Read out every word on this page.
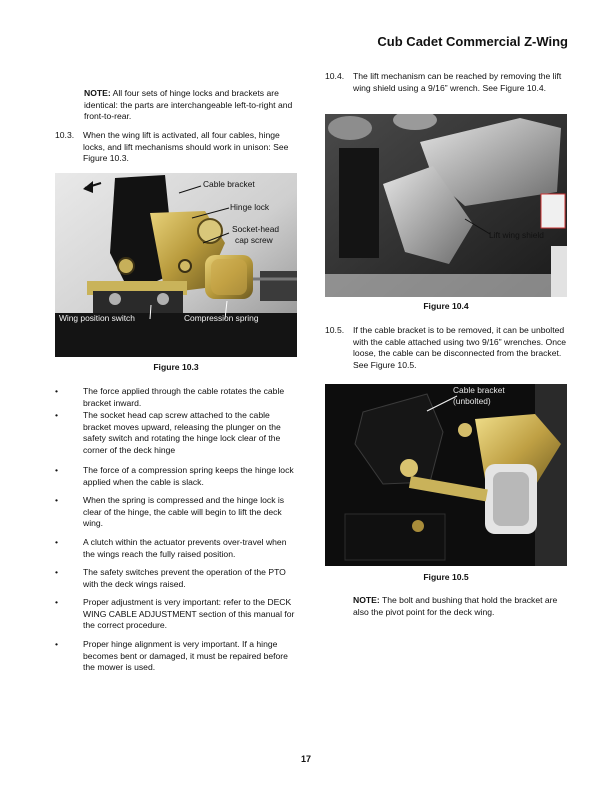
Cub Cadet Commercial Z-Wing
NOTE: All four sets of hinge locks and brackets are identical: the parts are interchangeable left-to-right and front-to-rear.
10.3. When the wing lift is activated, all four cables, hinge locks, and lift mechanisms should work in unison: See Figure 10.3.
Cable bracket
Hinge lock
Socket-head
cap screw
Wing position switch	Compression spring
Figure 10.3
•	The force applied through the cable rotates the cable bracket inward.
•	The socket head cap screw attached to the cable bracket moves upward, releasing the plunger on the safety switch and rotating the hinge lock clear of the corner of the deck hinge
•	The force of a compression spring keeps the hinge lock applied when the cable is slack.
•	When the spring is compressed and the hinge lock is clear of the hinge, the cable will begin to lift the deck wing.
•	A clutch within the actuator prevents over-travel when the wings reach the fully raised position.
•	The safety switches prevent the operation of the PTO with the deck wings raised.
•	Proper adjustment is very important: refer to the DECK WING CABLE ADJUSTMENT section of this manual for the correct procedure.
•	Proper hinge alignment is very important. If a hinge becomes bent or damaged, it must be repaired before the mower is used.
10.4. The lift mechanism can be reached by removing the lift wing shield using a 9/16” wrench. See Figure 10.4.
Lift wing shield
Figure 10.4
10.5. If the cable bracket is to be removed, it can be unbolted with the cable attached using two 9/16” wrenches. Once loose, the cable can be disconnected from the bracket. See Figure 10.5.
Cable bracket
(unbolted)
Figure 10.5
NOTE: The bolt and bushing that hold the bracket are also the pivot point for the deck wing.
17
